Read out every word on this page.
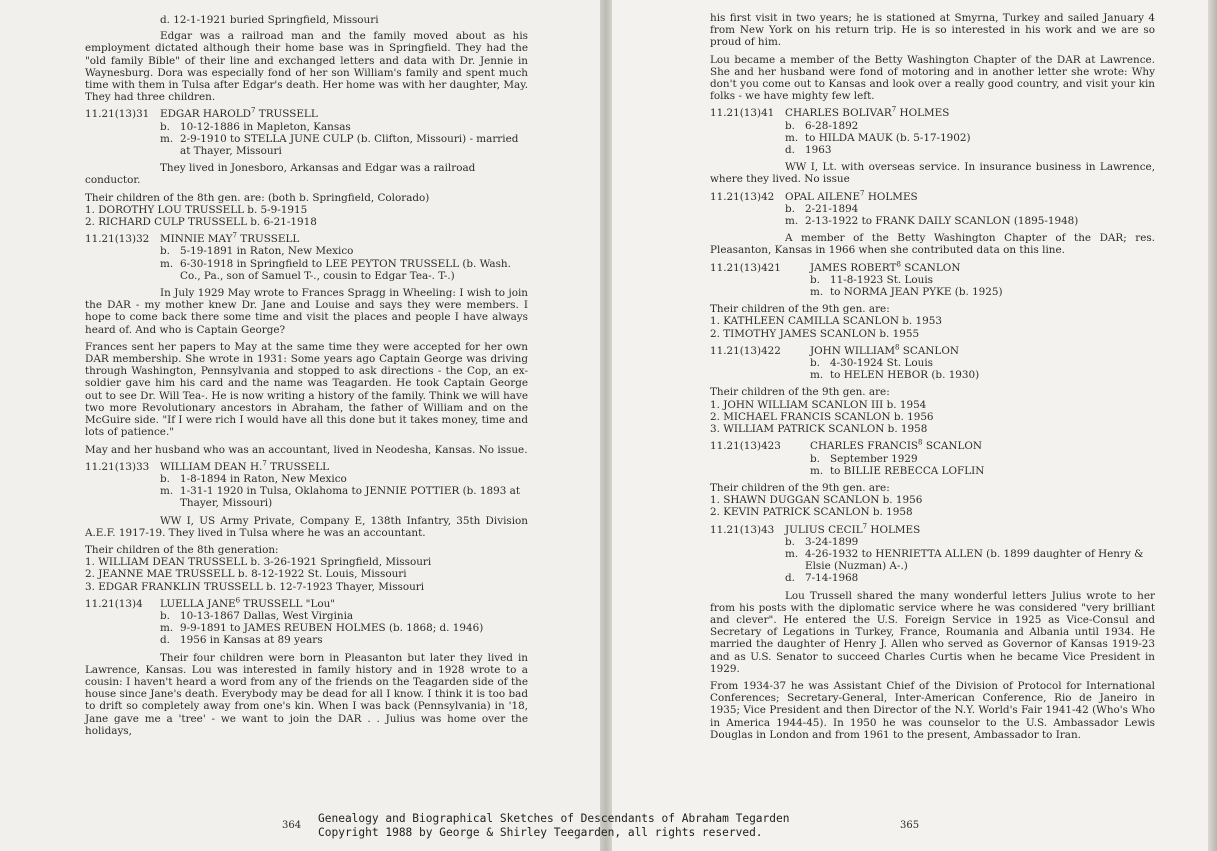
d. 12-1-1921 buried Springfield, Missouri
Edgar was a railroad man and the family moved about as his employment dictated although their home base was in Springfield. They had the "old family Bible" of their line and exchanged letters and data with Dr. Jennie in Waynesburg. Dora was especially fond of her son William's family and spent much time with them in Tulsa after Edgar's death. Her home was with her daughter, May. They had three children.
11.21(13)31	EDGAR HAROLD$^7$ TRUSSELL
b. 10-12-1886 in Mapleton, Kansas
m. 2-9-1910 to STELLA JUNE CULP (b. Clifton, Missouri) - married at Thayer, Missouri
They lived in Jonesboro, Arkansas and Edgar was a railroad conductor.
Their children of the 8th gen. are: (both b. Springfield, Colorado)
1. DOROTHY LOU TRUSSELL b. 5-9-1915
2. RICHARD CULP TRUSSELL b. 6-21-1918
11.21(13)32	MINNIE MAY$^7$ TRUSSELL
b. 5-19-1891 in Raton, New Mexico
m. 6-30-1918 in Springfield to LEE PEYTON TRUSSELL (b. Wash. Co., Pa., son of Samuel T-., cousin to Edgar Tea-. T-.)
In July 1929 May wrote to Frances Spragg in Wheeling: I wish to join the DAR - my mother knew Dr. Jane and Louise and says they were members. I hope to come back there some time and visit the places and people I have always heard of. And who is Captain George?
Frances sent her papers to May at the same time they were accepted for her own DAR membership. She wrote in 1931: Some years ago Captain George was driving through Washington, Pennsylvania and stopped to ask directions - the Cop, an ex-soldier gave him his card and the name was Teagarden. He took Captain George out to see Dr. Will Tea-. He is now writing a history of the family. Think we will have two more Revolutionary ancestors in Abraham, the father of William and on the McGuire side. "If I were rich I would have all this done but it takes money, time and lots of patience."
May and her husband who was an accountant, lived in Neodesha, Kansas. No issue.
11.21(13)33	WILLIAM DEAN H.$^7$ TRUSSELL
b. 1-8-1894 in Raton, New Mexico
m. 1-31-1 1920 in Tulsa, Oklahoma to JENNIE POTTIER (b. 1893 at Thayer, Missouri)
WW I, US Army Private, Company E, 138th Infantry, 35th Division A.E.F. 1917-19. They lived in Tulsa where he was an accountant.
Their children of the 8th generation:
1. WILLIAM DEAN TRUSSELL b. 3-26-1921 Springfield, Missouri
2. JEANNE MAE TRUSSELL b. 8-12-1922 St. Louis, Missouri
3. EDGAR FRANKLIN TRUSSELL b. 12-7-1923 Thayer, Missouri
11.21(13)4	LUELLA JANE$^6$ TRUSSELL "Lou"
b. 10-13-1867 Dallas, West Virginia
m. 9-9-1891 to JAMES REUBEN HOLMES (b. 1868; d. 1946)
d. 1956 in Kansas at 89 years
Their four children were born in Pleasanton but later they lived in Lawrence, Kansas. Lou was interested in family history and in 1928 wrote to a cousin: I haven't heard a word from any of the friends on the Teagarden side of the house since Jane's death. Everybody may be dead for all I know. I think it is too bad to drift so completely away from one's kin. When I was back (Pennsylvania) in '18, Jane gave me a 'tree' - we want to join the DAR . . Julius was home over the holidays,
364
his first visit in two years; he is stationed at Smyrna, Turkey and sailed January 4 from New York on his return trip. He is so interested in his work and we are so proud of him.
Lou became a member of the Betty Washington Chapter of the DAR at Lawrence. She and her husband were fond of motoring and in another letter she wrote: Why don't you come out to Kansas and look over a really good country, and visit your kin folks - we have mighty few left.
11.21(13)41	CHARLES BOLIVAR$^7$ HOLMES
b. 6-28-1892
m. to HILDA MAUK (b. 5-17-1902)
d. 1963
WW I, Lt. with overseas service. In insurance business in Lawrence, where they lived. No issue
11.21(13)42	OPAL AILENE$^7$ HOLMES
b. 2-21-1894
m. 2-13-1922 to FRANK DAILY SCANLON (1895-1948)
A member of the Betty Washington Chapter of the DAR; res. Pleasanton, Kansas in 1966 when she contributed data on this line.
11.21(13)421	JAMES ROBERT$^8$ SCANLON
b. 11-8-1923 St. Louis
m. to NORMA JEAN PYKE (b. 1925)
Their children of the 9th gen. are:
1. KATHLEEN CAMILLA SCANLON b. 1953
2. TIMOTHY JAMES SCANLON b. 1955
11.21(13)422	JOHN WILLIAM$^8$ SCANLON
b. 4-30-1924 St. Louis
m. to HELEN HEBOR (b. 1930)
Their children of the 9th gen. are:
1. JOHN WILLIAM SCANLON III b. 1954
2. MICHAEL FRANCIS SCANLON b. 1956
3. WILLIAM PATRICK SCANLON b. 1958
11.21(13)423	CHARLES FRANCIS$^8$ SCANLON
b. September 1929
m. to BILLIE REBECCA LOFLIN
Their children of the 9th gen. are:
1. SHAWN DUGGAN SCANLON b. 1956
2. KEVIN PATRICK SCANLON b. 1958
11.21(13)43	JULIUS CECIL$^7$ HOLMES
b. 3-24-1899
m. 4-26-1932 to HENRIETTA ALLEN (b. 1899 daughter of Henry & Elsie (Nuzman) A-.)
d. 7-14-1968
Lou Trussell shared the many wonderful letters Julius wrote to her from his posts with the diplomatic service where he was considered "very brilliant and clever". He entered the U.S. Foreign Service in 1925 as Vice-Consul and Secretary of Legations in Turkey, France, Roumania and Albania until 1934. He married the daughter of Henry J. Allen who served as Governor of Kansas 1919-23 and as U.S. Senator to succeed Charles Curtis when he became Vice President in 1929.
From 1934-37 he was Assistant Chief of the Division of Protocol for International Conferences; Secretary-General, Inter-American Conference, Rio de Janeiro in 1935; Vice President and then Director of the N.Y. World's Fair 1941-42 (Who's Who in America 1944-45). In 1950 he was counselor to the U.S. Ambassador Lewis Douglas in London and from 1961 to the present, Ambassador to Iran.
365
Genealogy and Biographical Sketches of Descendants of Abraham Tegarden
Copyright 1988 by George & Shirley Teegarden, all rights reserved.
